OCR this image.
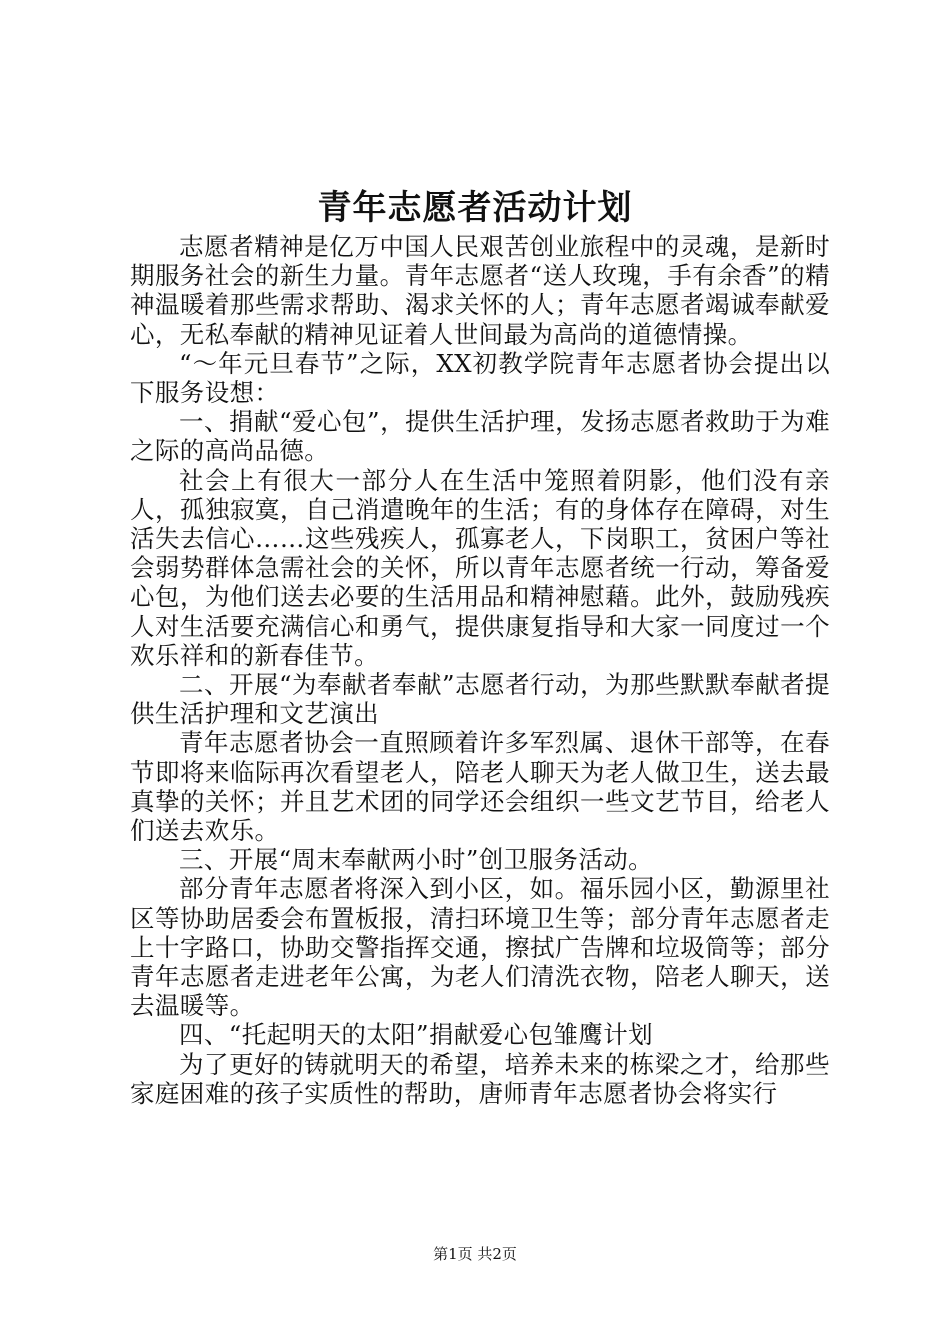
青年志愿者活动计划

志愿者精神是亿万中国人民艰苦创业旅程中的灵魂，是新时期服务社会的新生力量。青年志愿者“送人玫瑰，手有余香”的精神温暖着那些需求帮助、渴求关怀的人；青年志愿者竭诚奉献爱心，无私奉献的精神见证着人世间最为高尚的道德情操。

“～年元旦春节”之际，XX初教学院青年志愿者协会提出以下服务设想：

一、捐献“爱心包”，提供生活护理，发扬志愿者救助于为难之际的高尚品德。

社会上有很大一部分人在生活中笼照着阴影，他们没有亲人，孤独寂寞，自己消遣晚年的生活；有的身体存在障碍，对生活失去信心……这些残疾人，孤寡老人，下岗职工，贫困户等社会弱势群体急需社会的关怀，所以青年志愿者统一行动，筹备爱心包，为他们送去必要的生活用品和精神慰藉。此外，鼓励残疾人对生活要充满信心和勇气，提供康复指导和大家一同度过一个欢乐祥和的新春佳节。

二、开展“为奉献者奉献”志愿者行动，为那些默默奉献者提供生活护理和文艺演出

青年志愿者协会一直照顾着许多军烈属、退休干部等，在春节即将来临际再次看望老人，陪老人聊天为老人做卫生，送去最真挚的关怀；并且艺术团的同学还会组织一些文艺节目，给老人们送去欢乐。

三、开展“周末奉献两小时”创卫服务活动。

部分青年志愿者将深入到小区，如。福乐园小区，勤源里社区等协助居委会布置板报，清扫环境卫生等；部分青年志愿者走上十字路口，协助交警指挥交通，擦拭广告牌和垃圾筒等；部分青年志愿者走进老年公寓，为老人们清洗衣物，陪老人聊天，送去温暖等。

四、“托起明天的太阳”捐献爱心包雏鹰计划

为了更好的铸就明天的希望，培养未来的栋梁之才，给那些家庭困难的孩子实质性的帮助，唐师青年志愿者协会将实行

第1页 共2页
